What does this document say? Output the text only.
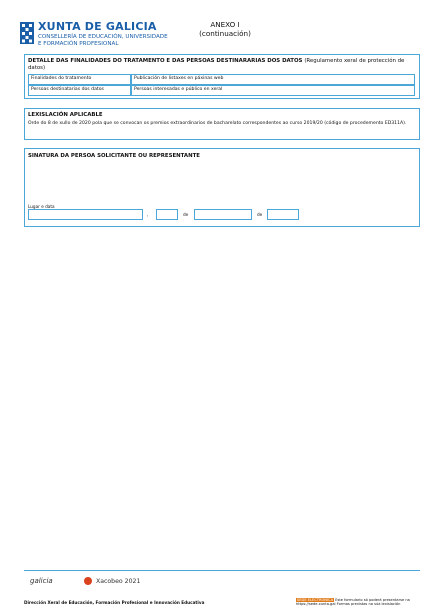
XUNTA DE GALICIA
CONSELLERÍA DE EDUCACIÓN, UNIVERSIDADE
E FORMACIÓN PROFESIONAL
ANEXO I
(continuación)
DETALLE DAS FINALIDADES DO TRATAMENTO E DAS PERSOAS DESTINARARIAS DOS DATOS (Regulamento xeral de protección de datos)
Finalidades do tratamento	Publicación de listaxes en páxinas web
Persoas destinatarias dos datos	Persoas interesadas e público en xeral
LEXISLACIÓN APLICABLE
Orde do 8 de xullo de 2020 pola que se convocan os premios extraordinarios de bacharelato correspondentes ao curso 2019/20 (código de procedemento ED311A).
SINATURA DA PERSOA SOLICITANTE OU REPRESENTANTE
Lugar e data
,	de	de
galicia	Xacobeo 2021
Dirección Xeral de Educación, Formación Profesional e Innovación Educativa	SEDE ELECTRÓNICA Este formulario só poderá presentarse na
https://sede.xunta.gal Formas previstas na súa lexislación
